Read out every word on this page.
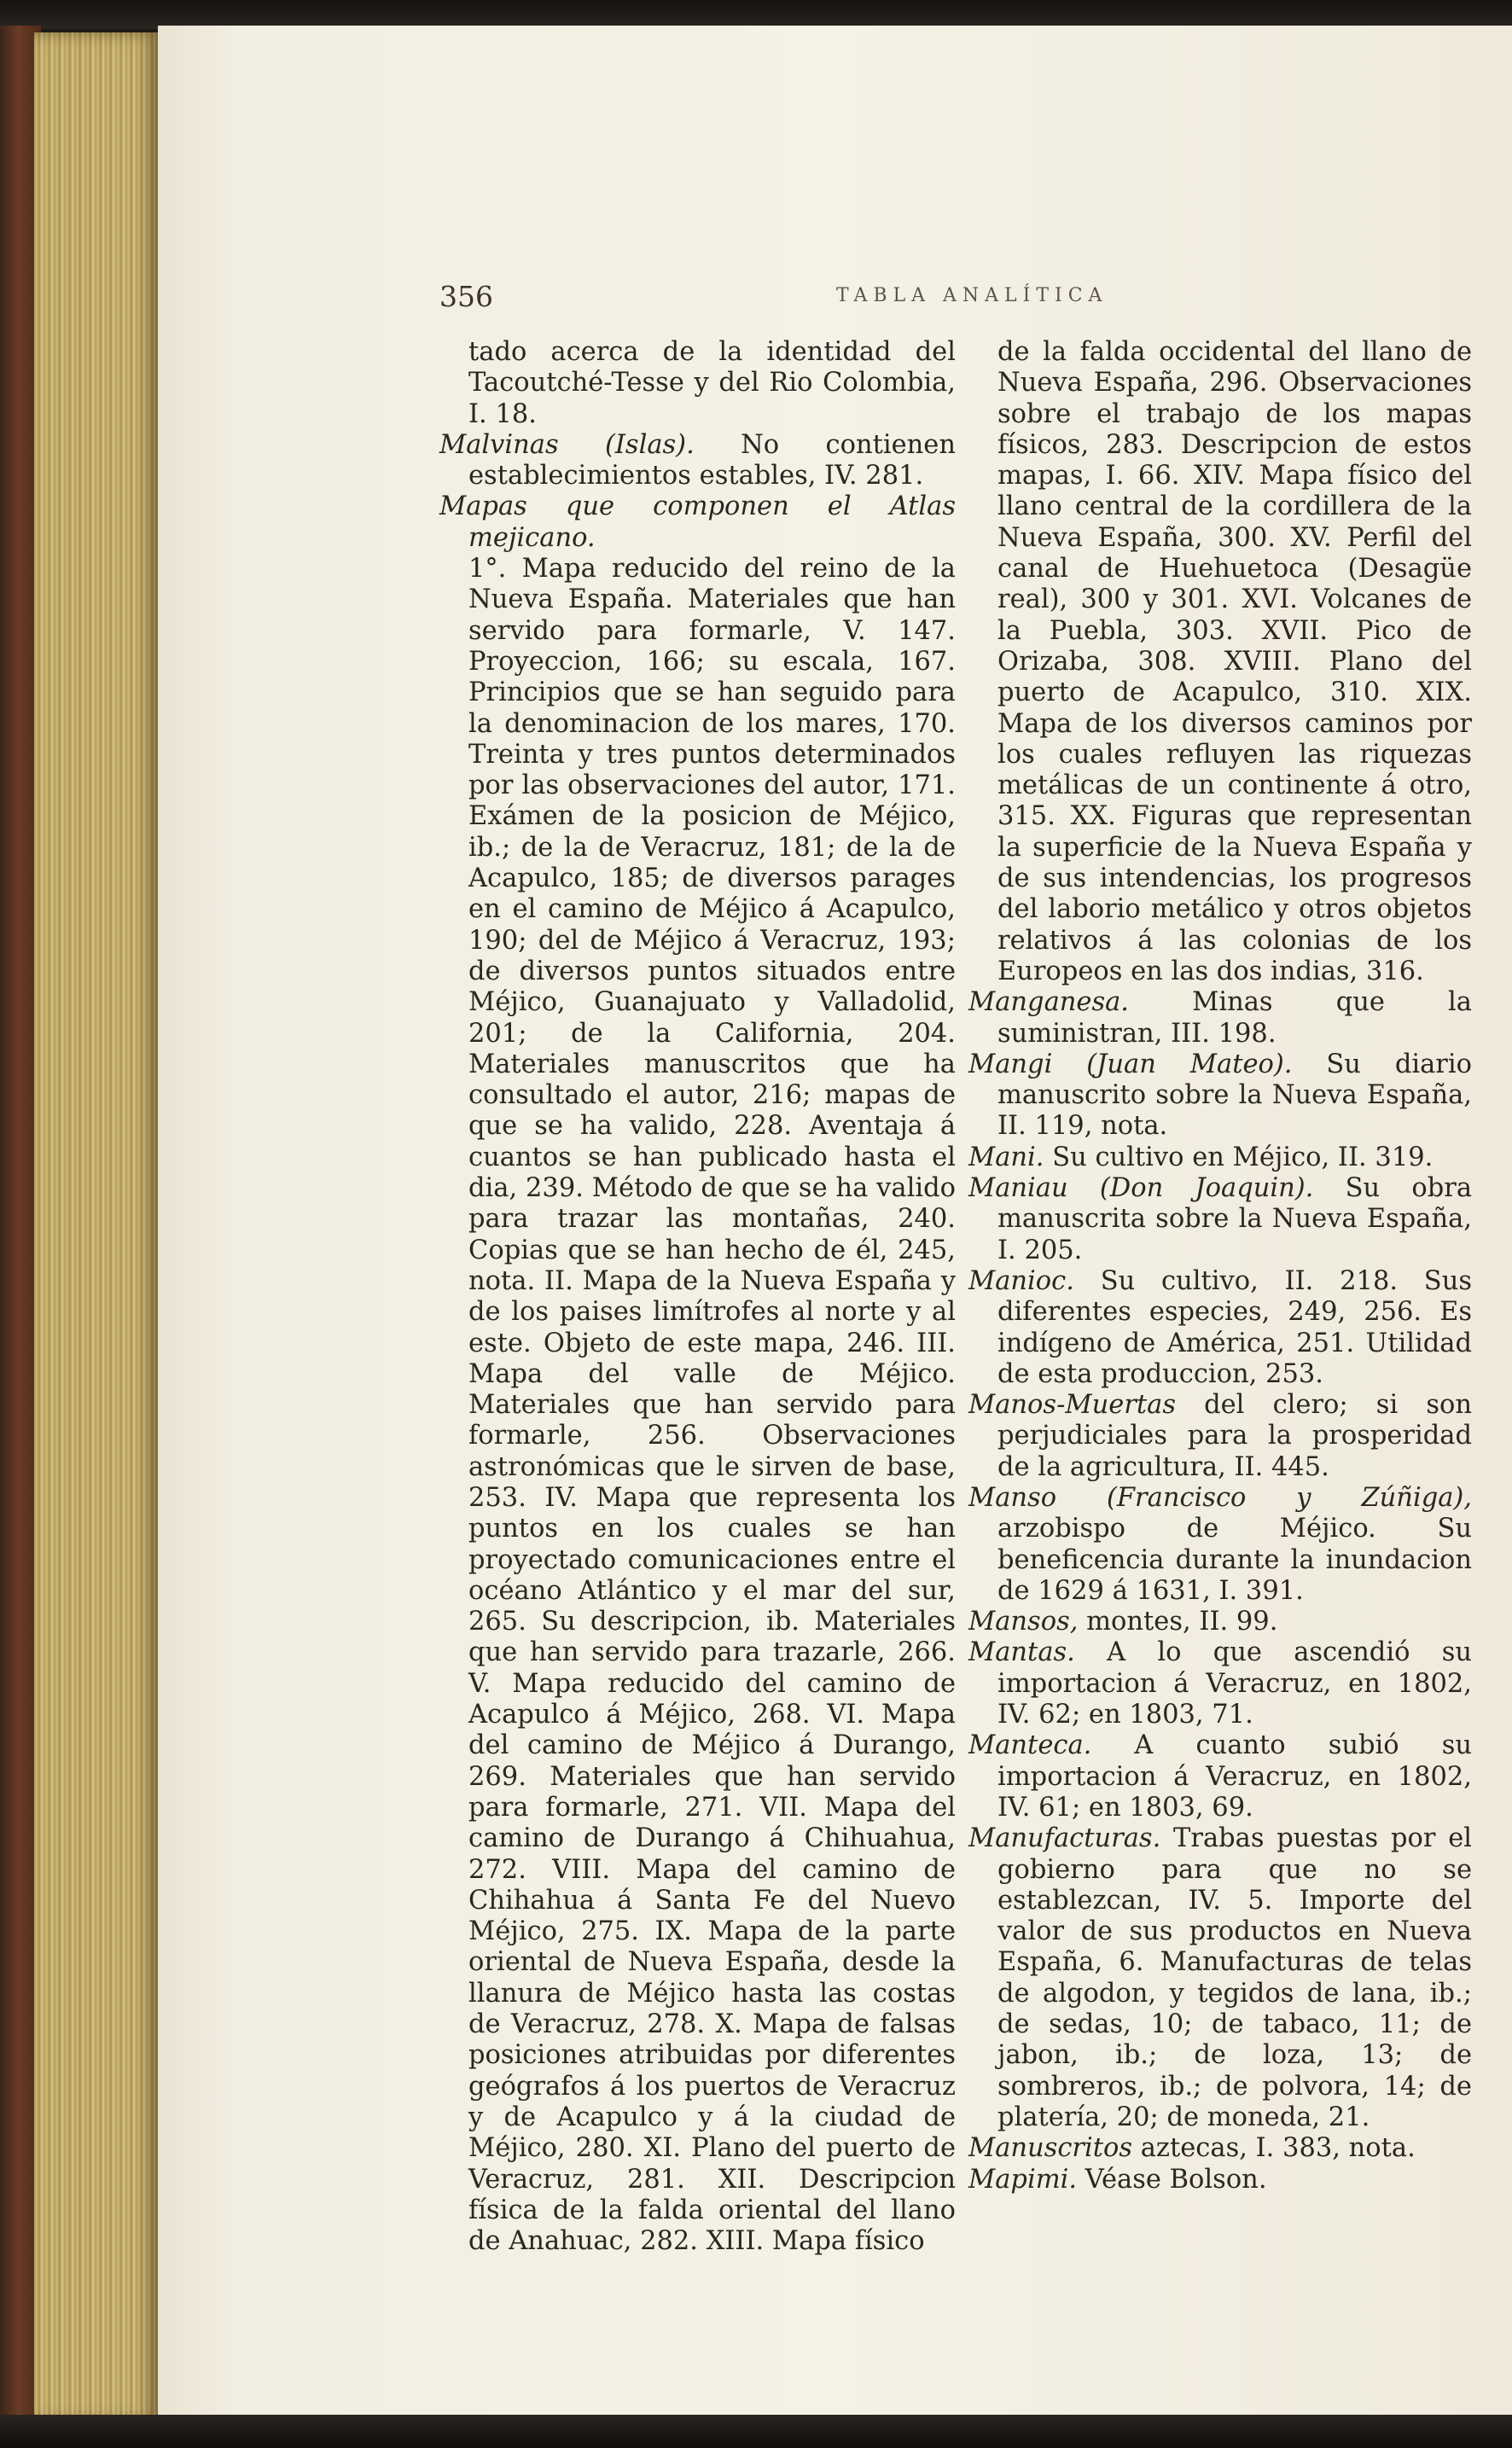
356	TABLA ANALÍTICA

tado acerca de la identidad del Tacoutché-Tesse y del Rio Colombia, I. 18.

Malvinas (Islas). No contienen establecimientos estables, IV. 281.

Mapas que componen el Atlas mejicano.

1°. Mapa reducido del reino de la Nueva España. Materiales que han servido para formarle, V. 147. Proyeccion, 166; su escala, 167. Principios que se han seguido para la denominacion de los mares, 170. Treinta y tres puntos determinados por las observaciones del autor, 171. Exámen de la posicion de Méjico, ib.; de la de Veracruz, 181; de la de Acapulco, 185; de diversos parages en el camino de Méjico á Acapulco, 190; del de Méjico á Veracruz, 193; de diversos puntos situados entre Méjico, Guanajuato y Valladolid, 201; de la California, 204. Materiales manuscritos que ha consultado el autor, 216; mapas de que se ha valido, 228. Aventaja á cuantos se han publicado hasta el dia, 239. Método de que se ha valido para trazar las montañas, 240. Copias que se han hecho de él, 245, nota. II. Mapa de la Nueva España y de los paises limítrofes al norte y al este. Objeto de este mapa, 246. III. Mapa del valle de Méjico. Materiales que han servido para formarle, 256. Observaciones astronómicas que le sirven de base, 253. IV. Mapa que representa los puntos en los cuales se han proyectado comunicaciones entre el océano Atlántico y el mar del sur, 265. Su descripcion, ib. Materiales que han servido para trazarle, 266. V. Mapa reducido del camino de Acapulco á Méjico, 268. VI. Mapa del camino de Méjico á Durango, 269. Materiales que han servido para formarle, 271. VII. Mapa del camino de Durango á Chihuahua, 272. VIII. Mapa del camino de Chihahua á Santa Fe del Nuevo Méjico, 275. IX. Mapa de la parte oriental de Nueva España, desde la llanura de Méjico hasta las costas de Veracruz, 278. X. Mapa de falsas posiciones atribuidas por diferentes geógrafos á los puertos de Veracruz y de Acapulco y á la ciudad de Méjico, 280. XI. Plano del puerto de Veracruz, 281. XII. Descripcion física de la falda oriental del llano de Anahuac, 282. XIII. Mapa físico

de la falda occidental del llano de Nueva España, 296. Observaciones sobre el trabajo de los mapas físicos, 283. Descripcion de estos mapas, I. 66. XIV. Mapa físico del llano central de la cordillera de la Nueva España, 300. XV. Perfil del canal de Huehuetoca (Desagüe real), 300 y 301. XVI. Volcanes de la Puebla, 303. XVII. Pico de Orizaba, 308. XVIII. Plano del puerto de Acapulco, 310. XIX. Mapa de los diversos caminos por los cuales refluyen las riquezas metálicas de un continente á otro, 315. XX. Figuras que representan la superficie de la Nueva España y de sus intendencias, los progresos del laborio metálico y otros objetos relativos á las colonias de los Europeos en las dos indias, 316.

Manganesa. Minas que la suministran, III. 198.

Mangi (Juan Mateo). Su diario manuscrito sobre la Nueva España, II. 119, nota.

Mani. Su cultivo en Méjico, II. 319.

Maniau (Don Joaquin). Su obra manuscrita sobre la Nueva España, I. 205.

Manioc. Su cultivo, II. 218. Sus diferentes especies, 249, 256. Es indígeno de América, 251. Utilidad de esta produccion, 253.

Manos-Muertas del clero; si son perjudiciales para la prosperidad de la agricultura, II. 445.

Manso (Francisco y Zúñiga), arzobispo de Méjico. Su beneficencia durante la inundacion de 1629 á 1631, I. 391.

Mansos, montes, II. 99.

Mantas. A lo que ascendió su importacion á Veracruz, en 1802, IV. 62; en 1803, 71.

Manteca. A cuanto subió su importacion á Veracruz, en 1802, IV. 61; en 1803, 69.

Manufacturas. Trabas puestas por el gobierno para que no se establezcan, IV. 5. Importe del valor de sus productos en Nueva España, 6. Manufacturas de telas de algodon, y tegidos de lana, ib.; de sedas, 10; de tabaco, 11; de jabon, ib.; de loza, 13; de sombreros, ib.; de polvora, 14; de platería, 20; de moneda, 21.

Manuscritos aztecas, I. 383, nota.

Mapimi. Véase Bolson.
